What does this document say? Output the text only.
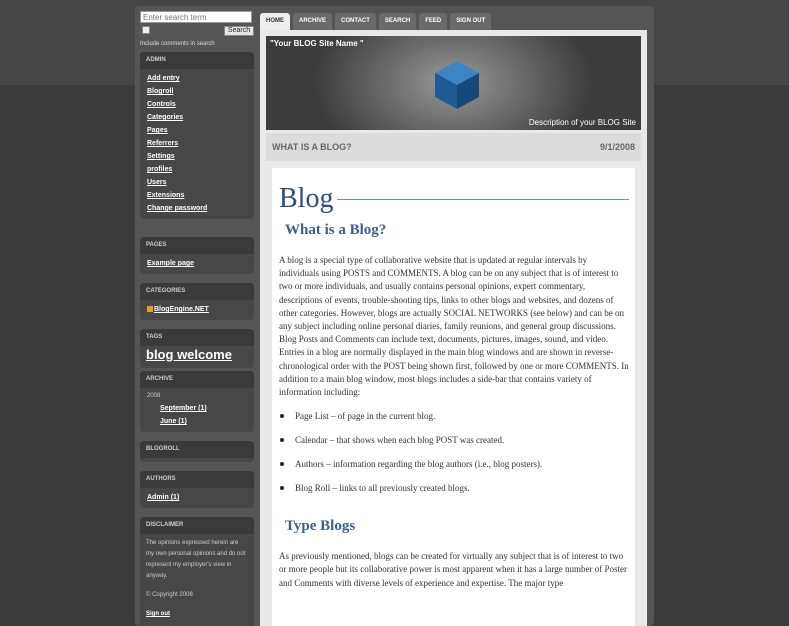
Enter search term
Search
Include comments in search
ADMIN
Add entry
Blogroll
Controls
Categories
Pages
Referrers
Settings
profiles
Users
Extensions
Change password
PAGES
Example page
CATEGORIES
BlogEngine.NET
TAGS
blog welcome
ARCHIVE
2008
September (1)
June (1)
BLOGROLL
AUTHORS
Admin (1)
DISCLAIMER

The opinions expressed herein are my own personal opinions and do not represent my employer's view in anyway.

© Copyright 2008

Sign out

HOME	ARCHIVE	CONTACT	SEARCH	FEED	SIGN OUT
"Your BLOG Site Name "
Description of your BLOG Site
WHAT IS A BLOG?	9/1/2008
Blog
What is a Blog?

A blog is a special type of collaborative website that is updated at regular intervals by individuals using POSTS and COMMENTS. A blog can be on any subject that is of interest to two or more individuals, and usually contains personal opinions, expert commentary, descriptions of events, trouble-shooting tips, links to other blogs and websites, and dozens of other categories. However, blogs are actually SOCIAL NETWORKS (see below) and can be on any subject including online personal diaries, family reunions, and general group discussions. Blog Posts and Comments can include text, documents, pictures, images, sound, and video. Entries in a blog are normally displayed in the main blog windows and are shown in reverse-chronological order with the POST being shown first, followed by one or more COMMENTS. In addition to a main blog window, most blogs includes a side-bar that contains variety of information including:

Page List – of page in the current blog.
Calendar – that shows when each blog POST was created.
Authors – information regarding the blog authors (i.e., blog posters).
Blog Roll – links to all previously created blogs.
Type Blogs

As previously mentioned, blogs can be created for virtually any subject that is of interest to two or more people but its collaborative power is most apparent when it has a large number of Poster and Comments with diverse levels of experience and expertise. The major type
